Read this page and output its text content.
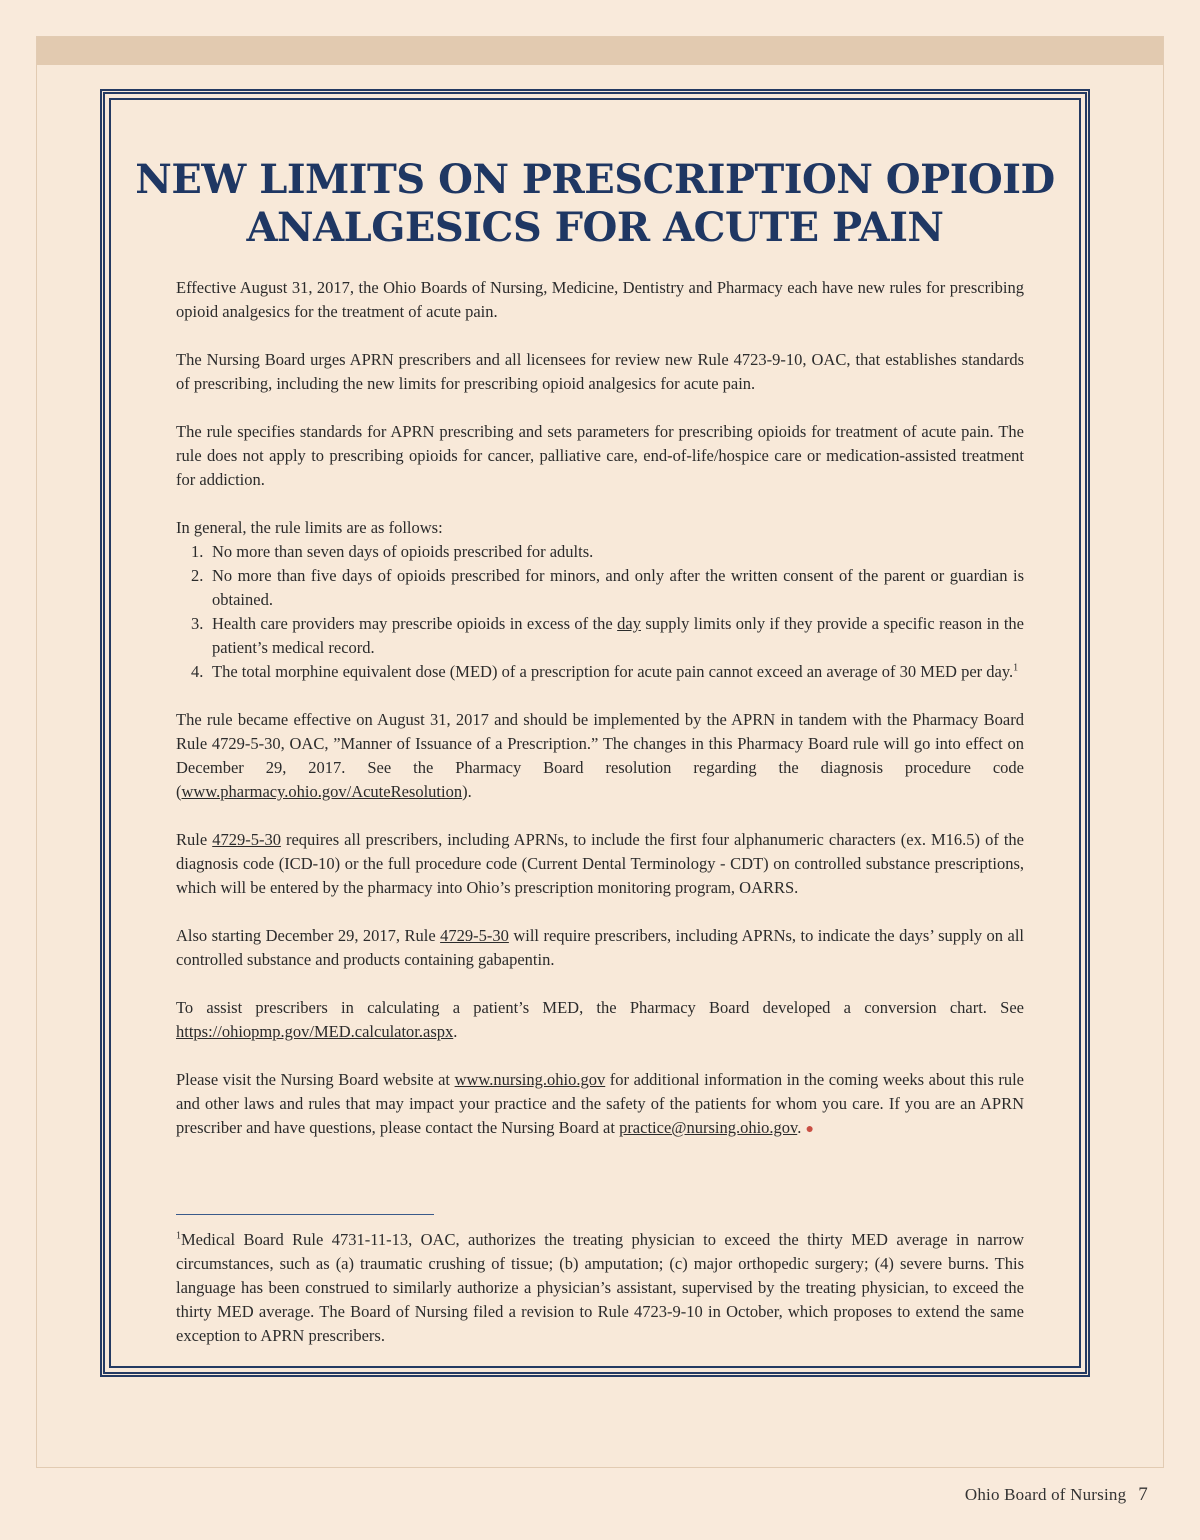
NEW LIMITS ON PRESCRIPTION OPIOID
ANALGESICS FOR ACUTE PAIN

Effective August 31, 2017, the Ohio Boards of Nursing, Medicine, Dentistry and Pharmacy each have new rules for prescribing opioid analgesics for the treatment of acute pain.

The Nursing Board urges APRN prescribers and all licensees for review new Rule 4723-9-10, OAC, that establishes standards of prescribing, including the new limits for prescribing opioid analgesics for acute pain.

The rule specifies standards for APRN prescribing and sets parameters for prescribing opioids for treatment of acute pain. The rule does not apply to prescribing opioids for cancer, palliative care, end-of-life/hospice care or medication-assisted treatment for addiction.

In general, the rule limits are as follows:

1. No more than seven days of opioids prescribed for adults.
2. No more than five days of opioids prescribed for minors, and only after the written consent of the parent or guardian is obtained.
3. Health care providers may prescribe opioids in excess of the day supply limits only if they provide a specific reason in the patient’s medical record.
4. The total morphine equivalent dose (MED) of a prescription for acute pain cannot exceed an average of 30 MED per day.$^1$

The rule became effective on August 31, 2017 and should be implemented by the APRN in tandem with the Pharmacy Board Rule 4729-5-30, OAC, ”Manner of Issuance of a Prescription.” The changes in this Pharmacy Board rule will go into effect on December 29, 2017. See the Pharmacy Board resolution regarding the diagnosis procedure code (www.pharmacy.ohio.gov/AcuteResolution).

Rule 4729-5-30 requires all prescribers, including APRNs, to include the first four alphanumeric characters (ex. M16.5) of the diagnosis code (ICD-10) or the full procedure code (Current Dental Terminology - CDT) on controlled substance prescriptions, which will be entered by the pharmacy into Ohio’s prescription monitoring program, OARRS.

Also starting December 29, 2017, Rule 4729-5-30 will require prescribers, including APRNs, to indicate the days’ supply on all controlled substance and products containing gabapentin.

To assist prescribers in calculating a patient’s MED, the Pharmacy Board developed a conversion chart. See https://ohiopmp.gov/MED.calculator.aspx.

Please visit the Nursing Board website at www.nursing.ohio.gov for additional information in the coming weeks about this rule and other laws and rules that may impact your practice and the safety of the patients for whom you care. If you are an APRN prescriber and have questions, please contact the Nursing Board at practice@nursing.ohio.gov. ●

$^1$Medical Board Rule 4731-11-13, OAC, authorizes the treating physician to exceed the thirty MED average in narrow circumstances, such as (a) traumatic crushing of tissue; (b) amputation; (c) major orthopedic surgery; (4) severe burns. This language has been construed to similarly authorize a physician’s assistant, supervised by the treating physician, to exceed the thirty MED average. The Board of Nursing filed a revision to Rule 4723-9-10 in October, which proposes to extend the same exception to APRN prescribers.

Ohio Board of Nursing 7
